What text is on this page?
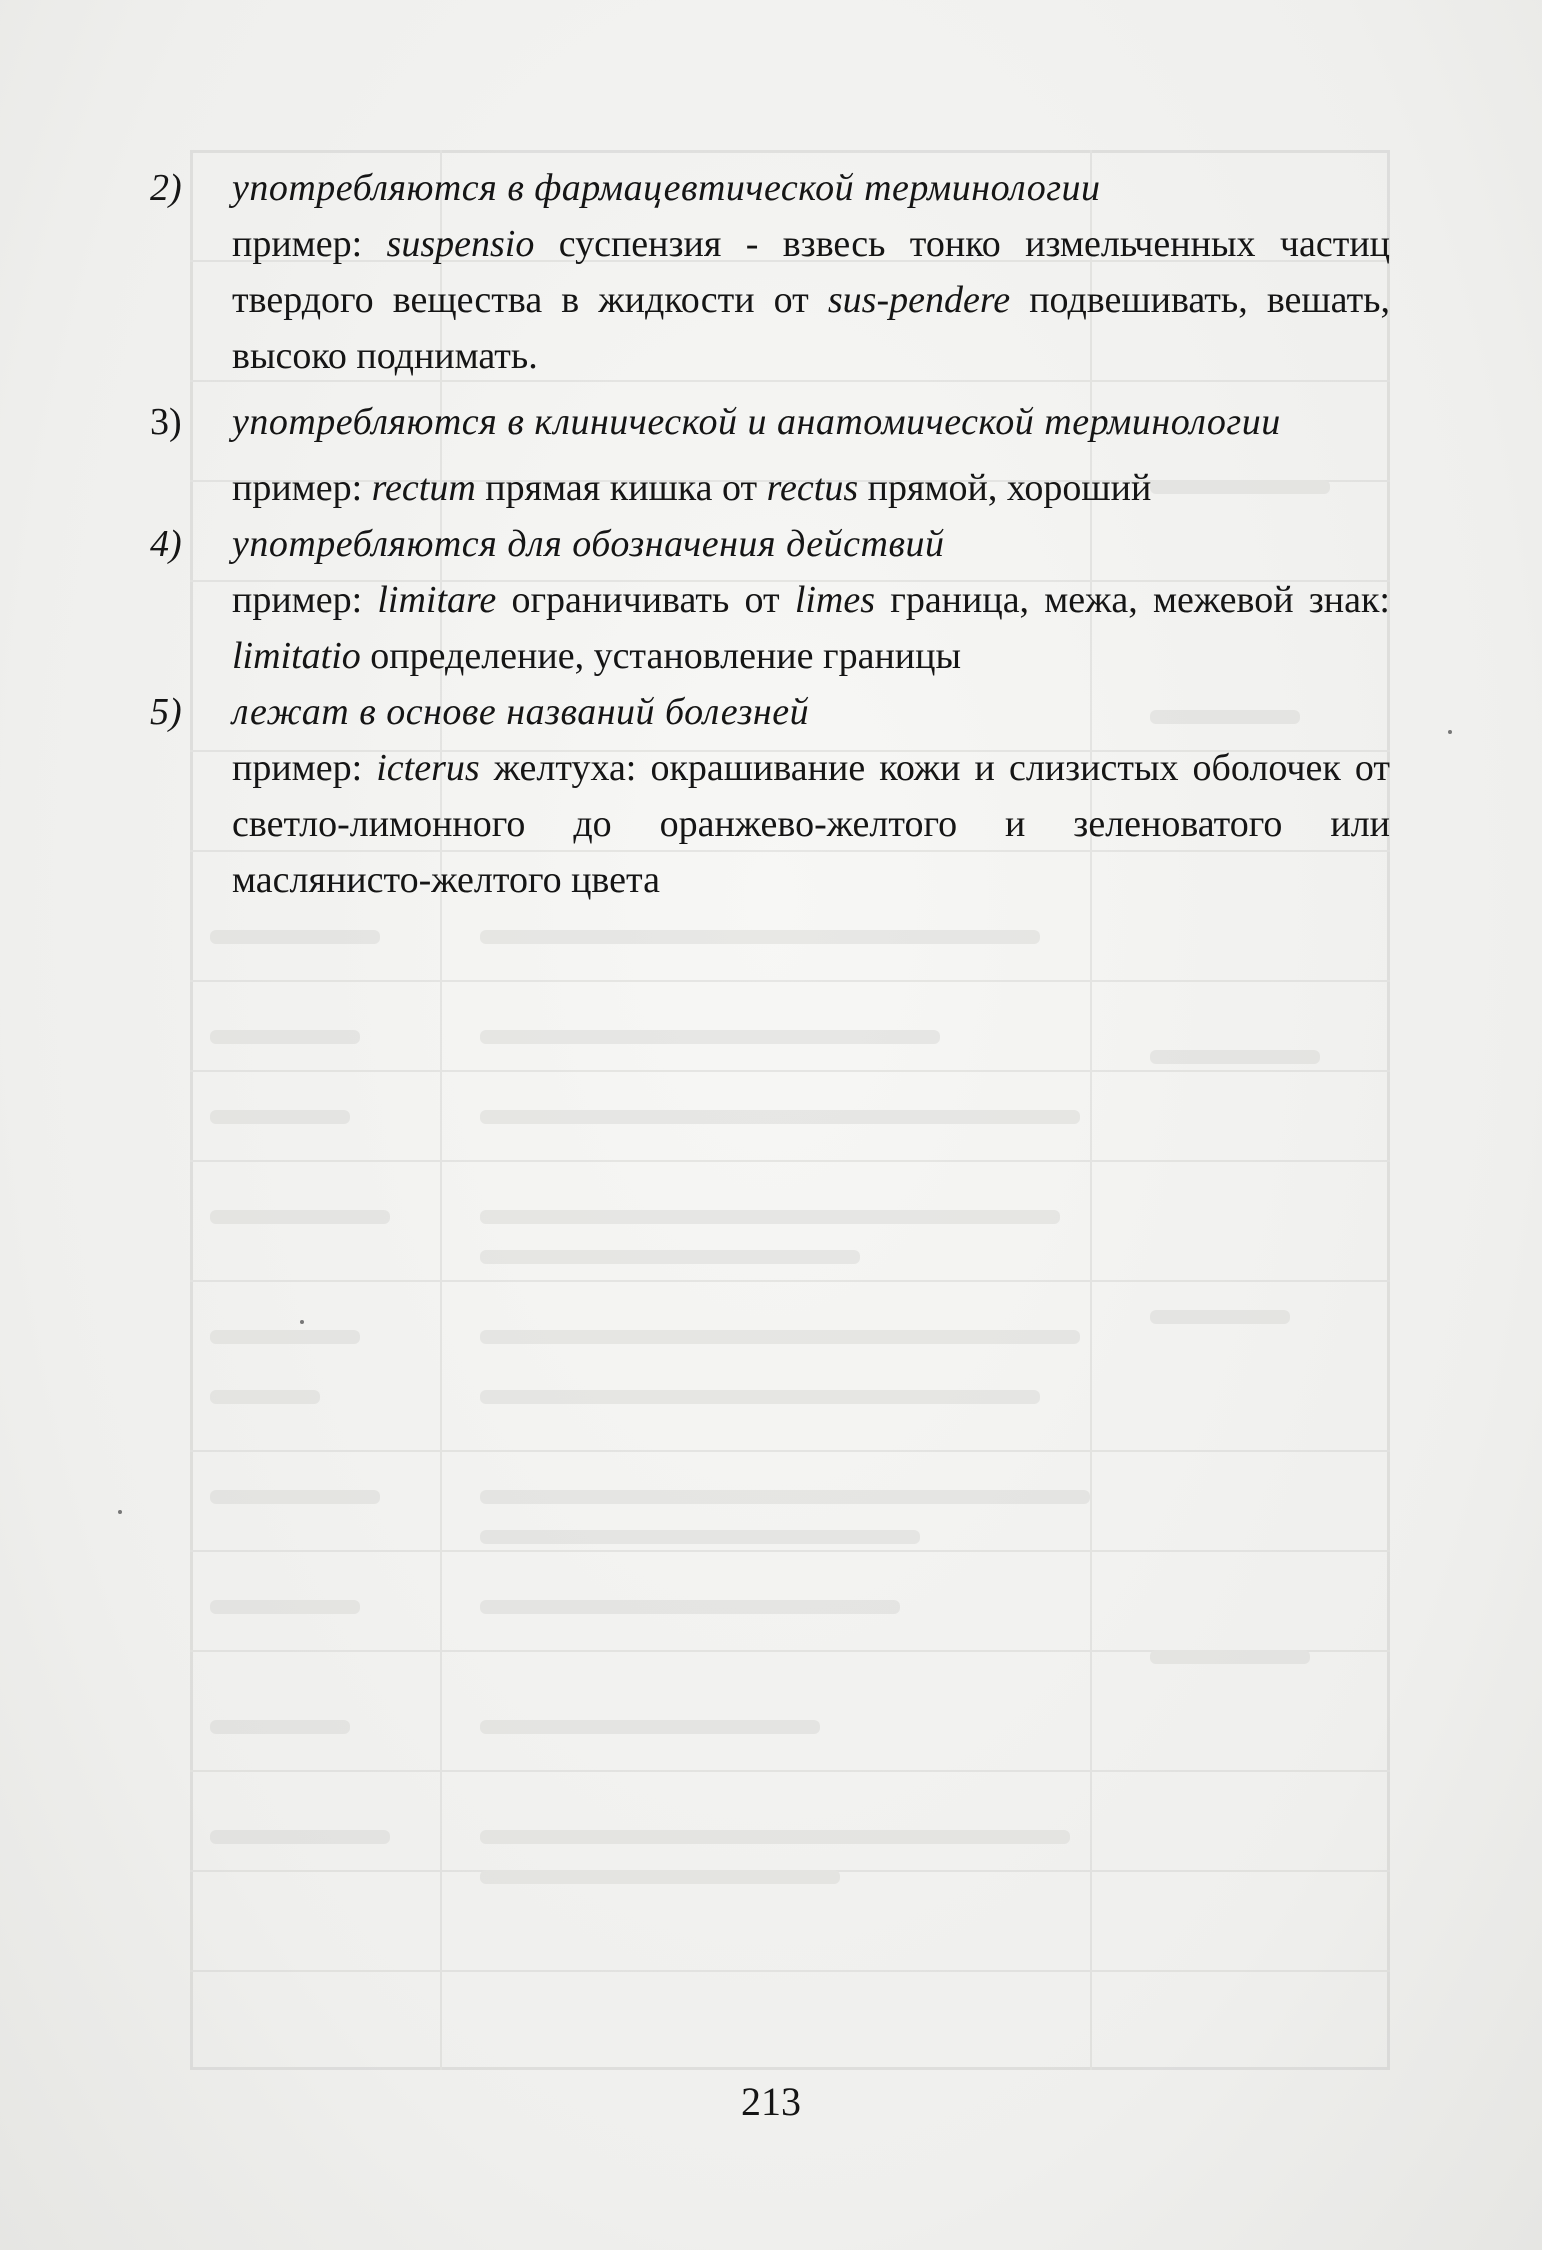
2)	употребляются в фармацевтической терминологии
пример: suspensio суспензия - взвесь тонко измельченных частиц твердого вещества в жидкости от sus-pendere подвешивать, вешать, высоко поднимать.
3)	употребляются в клинической и анатомической терминологии
пример: rectum прямая кишка от rectus прямой, хороший
4)	употребляются для обозначения действий
пример: limitare ограничивать от limes граница, межа, межевой знак: limitatio определение, установление границы
5)	лежат в основе названий болезней
пример: icterus желтуха: окрашивание кожи и слизистых оболочек от светло-лимонного до оранжево-желтого и зеленоватого или маслянисто-желтого цвета
213
